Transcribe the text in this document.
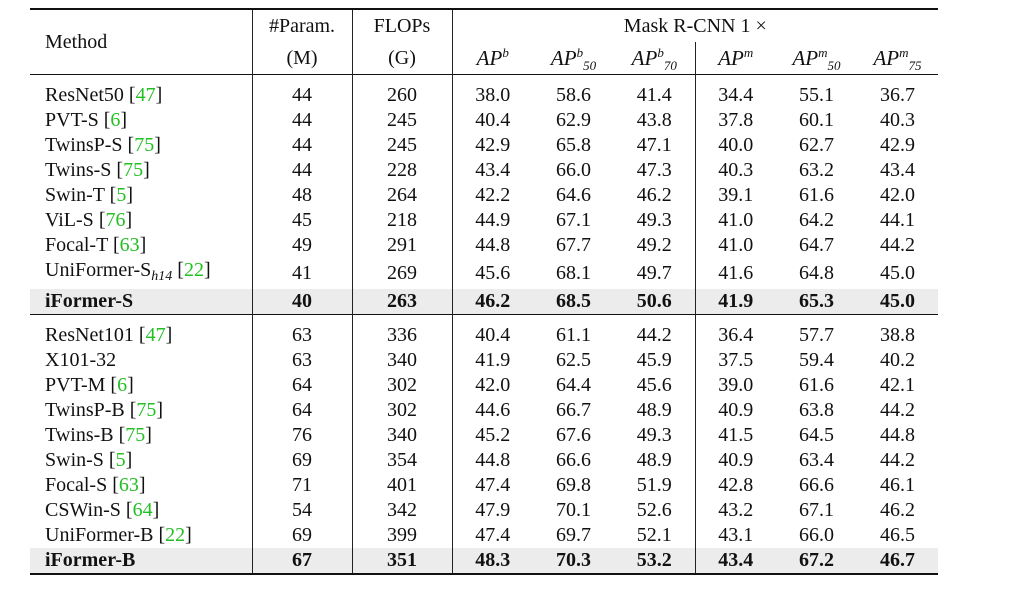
Method	#Param.	FLOPs	Mask R-CNN 1 ×					
	(M)	(G)	$AP^b$	$AP^b_{50}$	$AP^b_{70}$	$AP^m$	$AP^m_{50}$	$AP^m_{75}$

ResNet50 [47]	44	260	38.0	58.6	41.4	34.4	55.1	36.7
PVT-S [6]	44	245	40.4	62.9	43.8	37.8	60.1	40.3
TwinsP-S [75]	44	245	42.9	65.8	47.1	40.0	62.7	42.9
Twins-S [75]	44	228	43.4	66.0	47.3	40.3	63.2	43.4
Swin-T [5]	48	264	42.2	64.6	46.2	39.1	61.6	42.0
ViL-S [76]	45	218	44.9	67.1	49.3	41.0	64.2	44.1
Focal-T [63]	49	291	44.8	67.7	49.2	41.0	64.7	44.2
UniFormer-$S_{h14}$ [22]	41	269	45.6	68.1	49.7	41.6	64.8	45.0
iFormer-S	40	263	46.2	68.5	50.6	41.9	65.3	45.0

ResNet101 [47]	63	336	40.4	61.1	44.2	36.4	57.7	38.8
X101-32	63	340	41.9	62.5	45.9	37.5	59.4	40.2
PVT-M [6]	64	302	42.0	64.4	45.6	39.0	61.6	42.1
TwinsP-B [75]	64	302	44.6	66.7	48.9	40.9	63.8	44.2
Twins-B [75]	76	340	45.2	67.6	49.3	41.5	64.5	44.8
Swin-S [5]	69	354	44.8	66.6	48.9	40.9	63.4	44.2
Focal-S [63]	71	401	47.4	69.8	51.9	42.8	66.6	46.1
CSWin-S [64]	54	342	47.9	70.1	52.6	43.2	67.1	46.2
UniFormer-B [22]	69	399	47.4	69.7	52.1	43.1	66.0	46.5
iFormer-B	67	351	48.3	70.3	53.2	43.4	67.2	46.7
